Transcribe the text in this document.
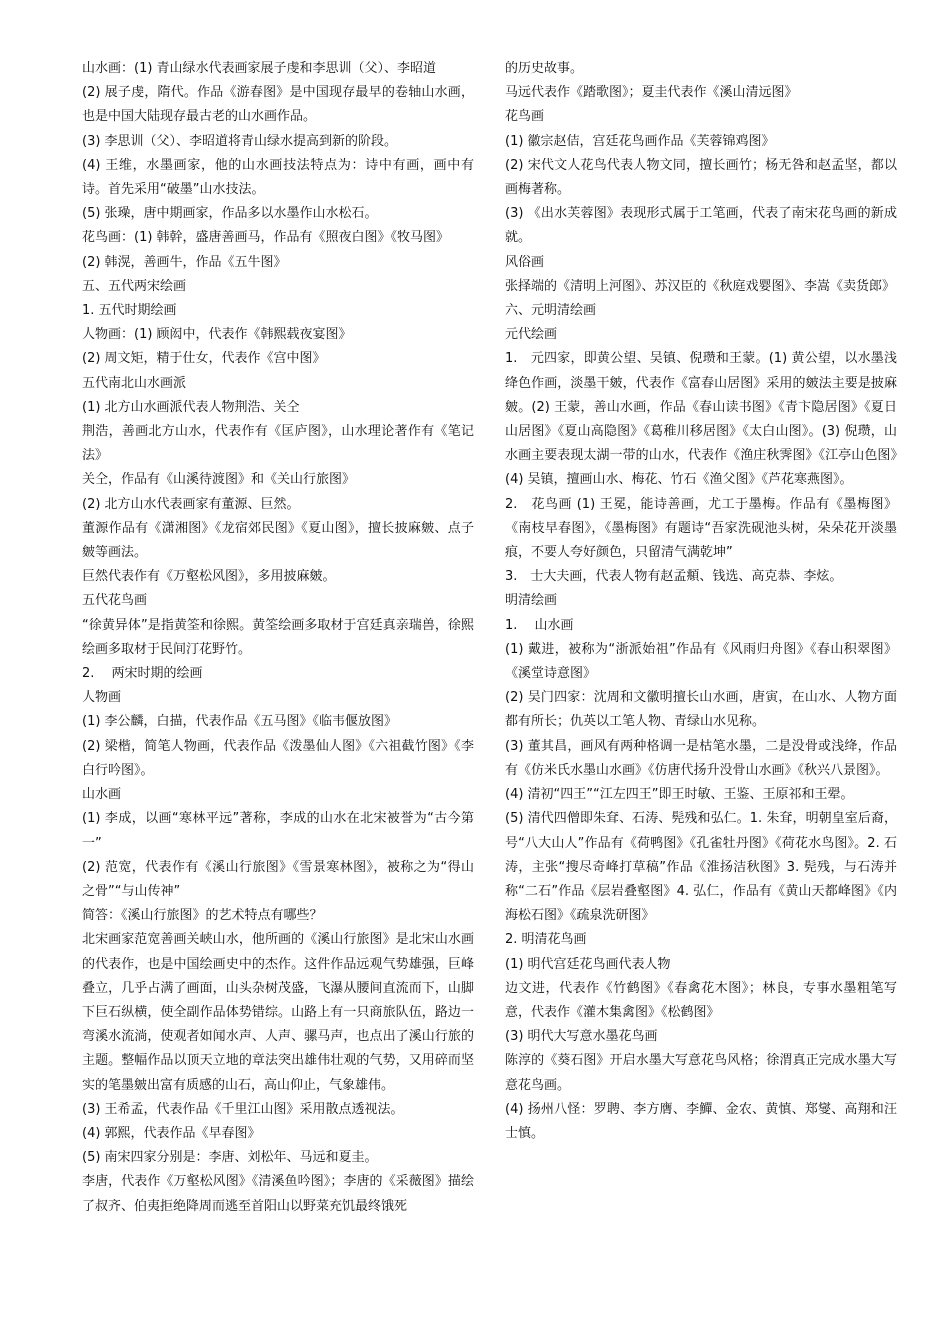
山水画：(1) 青山绿水代表画家展子虔和李思训（父）、李昭道

(2) 展子虔，隋代。作品《游春图》是中国现存最早的卷轴山水画，也是中国大陆现存最古老的山水画作品。

(3) 李思训（父）、李昭道将青山绿水提高到新的阶段。

(4) 王维，水墨画家，他的山水画技法特点为：诗中有画，画中有诗。首先采用“破墨”山水技法。

(5) 张璪，唐中期画家，作品多以水墨作山水松石。

花鸟画：(1) 韩幹，盛唐善画马，作品有《照夜白图》《牧马图》

(2) 韩滉，善画牛，作品《五牛图》

五、五代两宋绘画

1. 五代时期绘画

人物画：(1) 顾闳中，代表作《韩熙载夜宴图》

(2) 周文矩，精于仕女，代表作《宫中图》

五代南北山水画派

(1) 北方山水画派代表人物荆浩、关仝

荆浩，善画北方山水，代表作有《匡庐图》，山水理论著作有《笔记法》

关仝，作品有《山溪待渡图》和《关山行旅图》

(2) 北方山水代表画家有董源、巨然。

董源作品有《潇湘图》《龙宿郊民图》《夏山图》，擅长披麻皴、点子皴等画法。

巨然代表作有《万壑松风图》，多用披麻皴。

五代花鸟画

“徐黄异体”是指黄筌和徐熙。黄筌绘画多取材于宫廷真亲瑞兽，徐熙绘画多取材于民间汀花野竹。

2.　 两宋时期的绘画

人物画

(1) 李公麟，白描，代表作品《五马图》《临韦偃放图》

(2) 梁楷，简笔人物画，代表作品《泼墨仙人图》《六祖截竹图》《李白行吟图》。

山水画

(1) 李成，以画“寒林平远”著称，李成的山水在北宋被誉为“古今第一”

(2) 范宽，代表作有《溪山行旅图》《雪景寒林图》，被称之为“得山之骨”“与山传神”

简答：《溪山行旅图》的艺术特点有哪些？

北宋画家范宽善画关峡山水，他所画的《溪山行旅图》是北宋山水画的代表作，也是中国绘画史中的杰作。这件作品远观气势雄强，巨峰叠立，几乎占满了画面，山头杂树茂盛，飞瀑从腰间直流而下，山脚下巨石纵横，使全副作品体势错综。山路上有一只商旅队伍，路边一弯溪水流淌，使观者如闻水声、人声、骡马声，也点出了溪山行旅的主题。整幅作品以顶天立地的章法突出雄伟壮观的气势，又用碎而坚实的笔墨皴出富有质感的山石，高山仰止，气象雄伟。

(3) 王希孟，代表作品《千里江山图》采用散点透视法。

(4) 郭熙，代表作品《早春图》

(5) 南宋四家分别是：李唐、刘松年、马远和夏圭。

李唐，代表作《万壑松风图》《清溪鱼吟图》；李唐的《采薇图》描绘了叔齐、伯夷拒绝降周而逃至首阳山以野菜充饥最终饿死

的历史故事。

马远代表作《踏歌图》；夏圭代表作《溪山清远图》

花鸟画

(1) 徽宗赵佶，宫廷花鸟画作品《芙蓉锦鸡图》

(2) 宋代文人花鸟代表人物文同，擅长画竹；杨无咎和赵孟坚，都以画梅著称。

(3) 《出水芙蓉图》表现形式属于工笔画，代表了南宋花鸟画的新成就。

风俗画

张择端的《清明上河图》、苏汉臣的《秋庭戏婴图》、李嵩《卖货郎》

六、元明清绘画

元代绘画

1.　元四家，即黄公望、吴镇、倪瓒和王蒙。(1) 黄公望，以水墨浅绛色作画，淡墨干皴，代表作《富春山居图》采用的皴法主要是披麻皴。(2) 王蒙，善山水画，作品《春山读书图》《青卞隐居图》《夏日山居图》《夏山高隐图》《葛稚川移居图》《太白山图》。(3) 倪瓒，山水画主要表现太湖一带的山水，代表作《渔庄秋霁图》《江亭山色图》(4) 吴镇，擅画山水、梅花、竹石《渔父图》《芦花寒燕图》。

2.　花鸟画 (1) 王冕，能诗善画，尤工于墨梅。作品有《墨梅图》《南枝早春图》，《墨梅图》有题诗“吾家洗砚池头树，朵朵花开淡墨痕，不要人夸好颜色，只留清气满乾坤”

3.　士大夫画，代表人物有赵孟頫、钱选、高克恭、李炫。

明清绘画

1.　 山水画

(1) 戴进，被称为“浙派始祖”作品有《风雨归舟图》《春山积翠图》《溪堂诗意图》

(2) 吴门四家：沈周和文徽明擅长山水画，唐寅，在山水、人物方面都有所长；仇英以工笔人物、青绿山水见称。

(3) 董其昌，画风有两种格调一是枯笔水墨，二是没骨或浅绛，作品有《仿米氏水墨山水画》《仿唐代扬升没骨山水画》《秋兴八景图》。

(4) 清初“四王”“江左四王”即王时敏、王鉴、王原祁和王翚。

(5) 清代四僧即朱耷、石涛、髡残和弘仁。1. 朱耷，明朝皇室后裔，号“八大山人”作品有《荷鸭图》《孔雀牡丹图》《荷花水鸟图》。2. 石涛，主张“搜尽奇峰打草稿”作品《淮扬洁秋图》3. 髡残，与石涛并称“二石”作品《层岩叠壑图》4. 弘仁，作品有《黄山天都峰图》《内海松石图》《疏泉洗研图》

2. 明清花鸟画

(1) 明代宫廷花鸟画代表人物

边文进，代表作《竹鹤图》《春禽花木图》；林良，专事水墨粗笔写意，代表作《灌木集禽图》《松鹤图》

(3) 明代大写意水墨花鸟画

陈淳的《葵石图》开启水墨大写意花鸟风格；徐渭真正完成水墨大写意花鸟画。

(4) 扬州八怪：罗聘、李方膺、李鱓、金农、黄慎、郑燮、高翔和汪士慎。
